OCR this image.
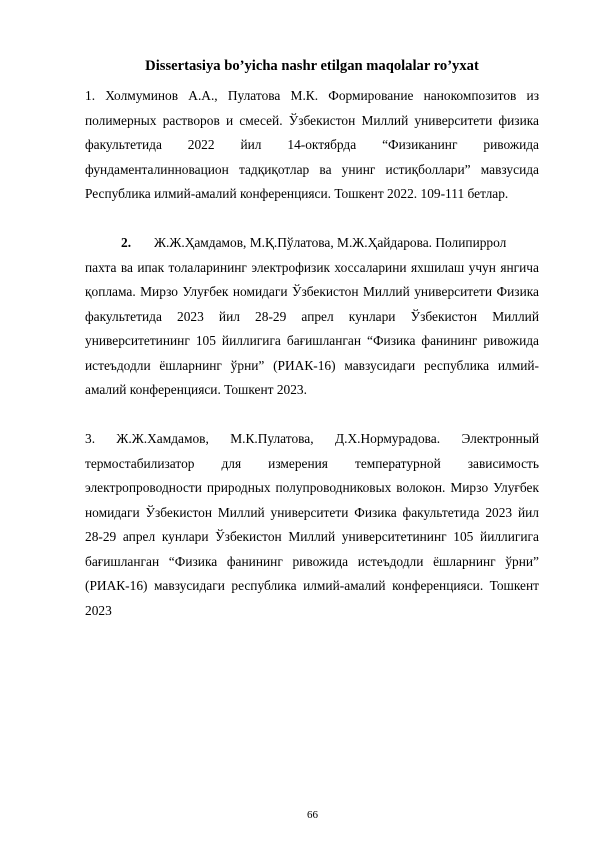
Dissertasiya bo’yicha nashr etilgan maqolalar ro’yxat

1. Холмуминов А.А., Пулатова М.К. Формирование нанокомпозитов из полимерных растворов и смесей. Ўзбекистон Миллий университети физика факультетида 2022 йил 14-октябрда “Физиканинг ривожида фундаменталинновацион тадқиқотлар ва унинг истиқболлари” мавзусида Республика илмий-амалий конференцияси. Тошкент 2022. 109-111 бетлар.

2. Ж.Ж.Ҳамдамов, М.Қ.Пўлатова, М.Ж.Ҳайдарова. Полипиррол
пахта ва ипак толаларининг электрофизик хоссаларини яхшилаш учун янгича қоплама. Мирзо Улуғбек номидаги Ўзбекистон Миллий университети Физика факультетида 2023 йил 28-29 апрел кунлари Ўзбекистон Миллий университетининг 105 йиллигига бағишланган “Физика фанининг ривожида истеъдодли ёшларнинг ўрни” (РИАК-16) мавзусидаги республика илмий-амалий конференцияси. Тошкент 2023.

3. Ж.Ж.Хамдамов, М.К.Пулатова, Д.Х.Нормурадова. Электронный термостабилизатор для измерения температурной зависимость электропроводности природных полупроводниковых волокон. Мирзо Улуғбек номидаги Ўзбекистон Миллий университети Физика факультетида 2023 йил 28-29 апрел кунлари Ўзбекистон Миллий университетининг 105 йиллигига бағишланган “Физика фанининг ривожида истеъдодли ёшларнинг ўрни” (РИАК-16) мавзусидаги республика илмий-амалий конференцияси. Тошкент 2023

66
